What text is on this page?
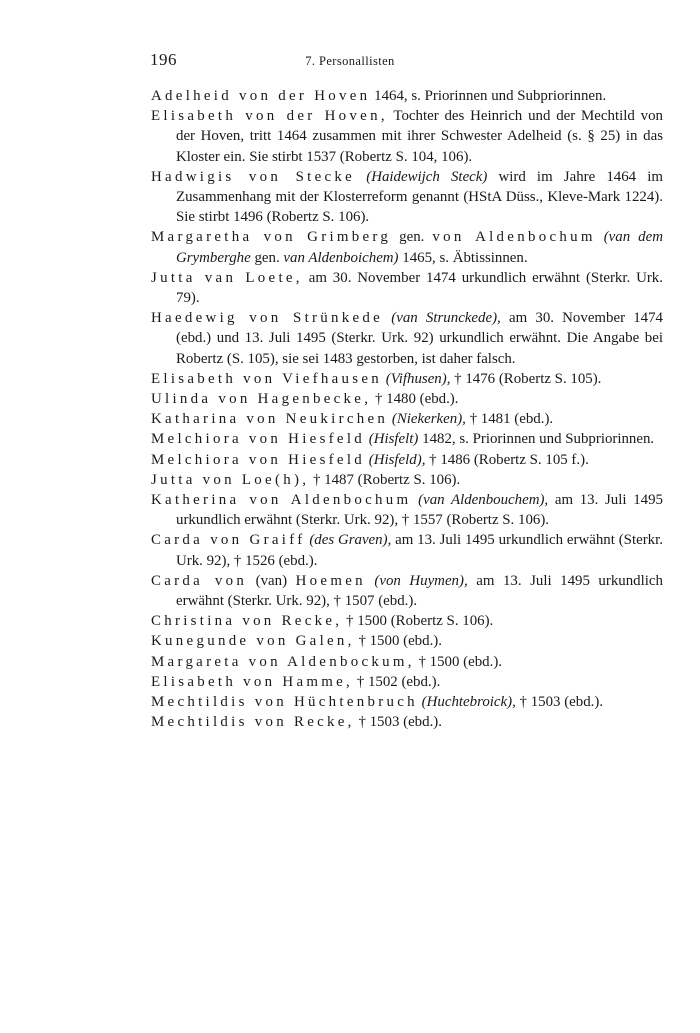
196	7. Personallisten

Adelheid von der Hoven 1464, s. Priorinnen und Subpriorinnen.

Elisabeth von der Hoven, Tochter des Heinrich und der Mechtild von der Hoven, tritt 1464 zusammen mit ihrer Schwester Adelheid (s. § 25) in das Kloster ein. Sie stirbt 1537 (Robertz S. 104, 106).

Hadwigis von Stecke (Haidewijch Steck) wird im Jahre 1464 im Zusammenhang mit der Klosterreform genannt (HStA Düss., Kleve-Mark 1224). Sie stirbt 1496 (Robertz S. 106).

Margaretha von Grimberg gen. von Aldenbochum (van dem Grymberghe gen. van Aldenboichem) 1465, s. Äbtissinnen.

Jutta van Loete, am 30. November 1474 urkundlich erwähnt (Sterkr. Urk. 79).

Haedewig von Strünkede (van Strunckede), am 30. November 1474 (ebd.) und 13. Juli 1495 (Sterkr. Urk. 92) urkundlich erwähnt. Die Angabe bei Robertz (S. 105), sie sei 1483 gestorben, ist daher falsch.

Elisabeth von Viefhausen (Vifhusen), † 1476 (Robertz S. 105).

Ulinda von Hagenbecke, † 1480 (ebd.).

Katharina von Neukirchen (Niekerken), † 1481 (ebd.).

Melchiora von Hiesfeld (Hisfelt) 1482, s. Priorinnen und Subpriorinnen.

Melchiora von Hiesfeld (Hisfeld), † 1486 (Robertz S. 105 f.).

Jutta von Loe(h), † 1487 (Robertz S. 106).

Katherina von Aldenbochum (van Aldenbouchem), am 13. Juli 1495 urkundlich erwähnt (Sterkr. Urk. 92), † 1557 (Robertz S. 106).

Carda von Graiff (des Graven), am 13. Juli 1495 urkundlich erwähnt (Sterkr. Urk. 92), † 1526 (ebd.).

Carda von (van) Hoemen (von Huymen), am 13. Juli 1495 urkundlich erwähnt (Sterkr. Urk. 92), † 1507 (ebd.).

Christina von Recke, † 1500 (Robertz S. 106).

Kunegunde von Galen, † 1500 (ebd.).

Margareta von Aldenbockum, † 1500 (ebd.).

Elisabeth von Hamme, † 1502 (ebd.).

Mechtildis von Hüchtenbruch (Huchtebroick), † 1503 (ebd.).

Mechtildis von Recke, † 1503 (ebd.).
